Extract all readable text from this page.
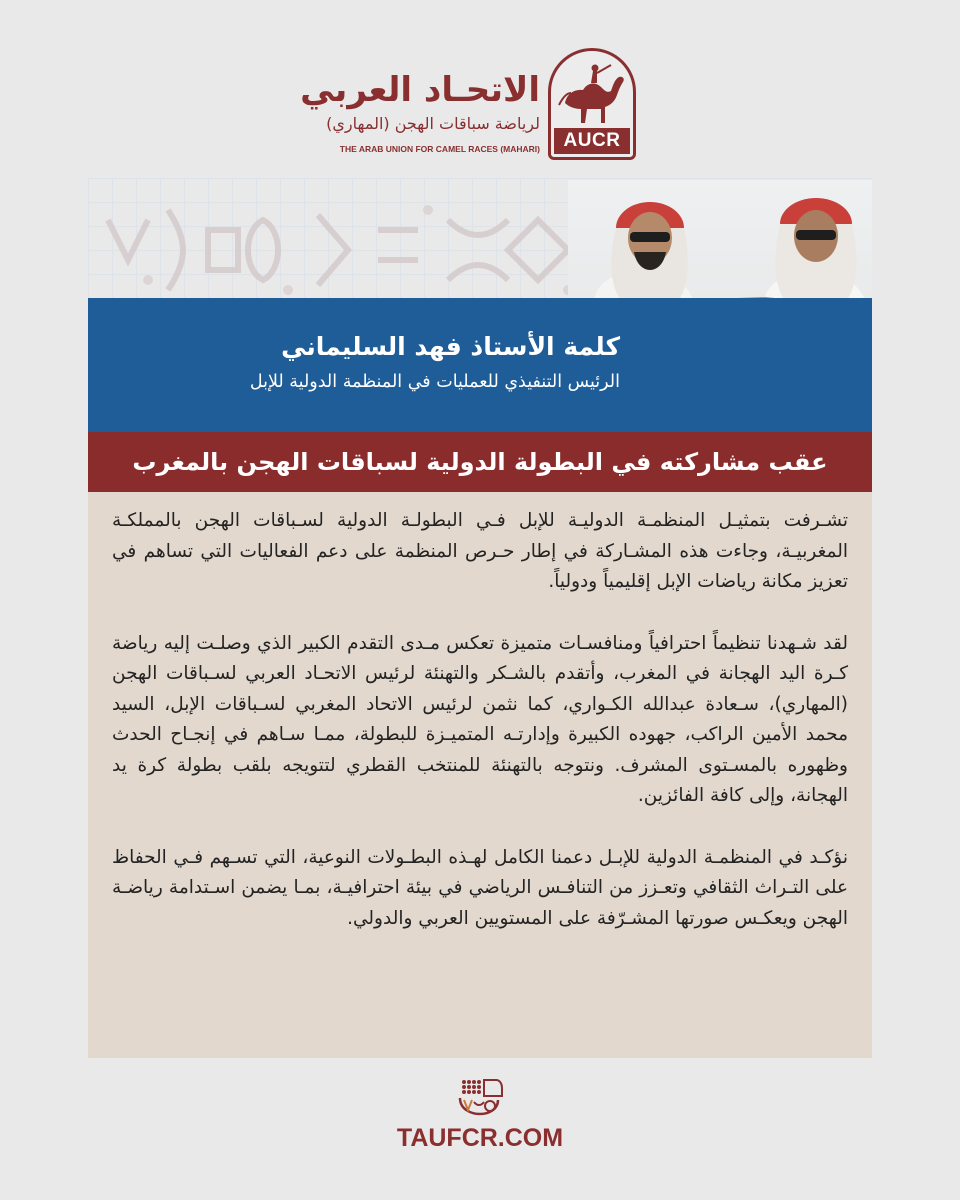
AUCR
الاتحـاد العربي
لرياضة سباقات الهجن (المهاري)
THE ARAB UNION FOR CAMEL RACES (MAHARI)
كلمة الأستاذ فهد السليماني
الرئيس التنفيذي للعمليات في المنظمة الدولية للإبل
عقب مشاركته في البطولة الدولية لسباقات الهجن بالمغرب

تشـرفت بتمثيـل المنظمـة الدوليـة للإبل فـي البطولـة الدولية لسـباقات الهجن بالمملكـة المغربيـة، وجاءت هذه المشـاركة في إطار حـرص المنظمة على دعم الفعاليات التي تساهم في تعزيز مكانة رياضات الإبل إقليمياً ودولياً.

لقد شـهدنا تنظيماً احترافياً ومنافسـات متميزة تعكس مـدى التقدم الكبير الذي وصلـت إليه رياضة كـرة اليد الهجانة في المغرب، وأتقدم بالشـكر والتهنئة لرئيس الاتحـاد العربي لسـباقات الهجن (المهاري)، سـعادة عبدالله الكـواري، كما نثمن لرئيس الاتحاد المغربي لسـباقات الإبل، السيد محمد الأمين الراكب، جهوده الكبيرة وإدارتـه المتميـزة للبطولة، ممـا سـاهم في إنجـاح الحدث وظهوره بالمسـتوى المشرف. ونتوجه بالتهنئة للمنتخب القطري لتتويجه بلقب بطولة كرة يد الهجانة، وإلى كافة الفائزين.

نؤكـد في المنظمـة الدولية للإبـل دعمنا الكامل لهـذه البطـولات النوعية، التي تسـهم فـي الحفاظ على التـراث الثقافي وتعـزز من التنافـس الرياضي في بيئة احترافيـة، بمـا يضمن اسـتدامة رياضـة الهجن ويعكـس صورتها المشـرّفة على المستويين العربي والدولي.

TAUFCR.COM
